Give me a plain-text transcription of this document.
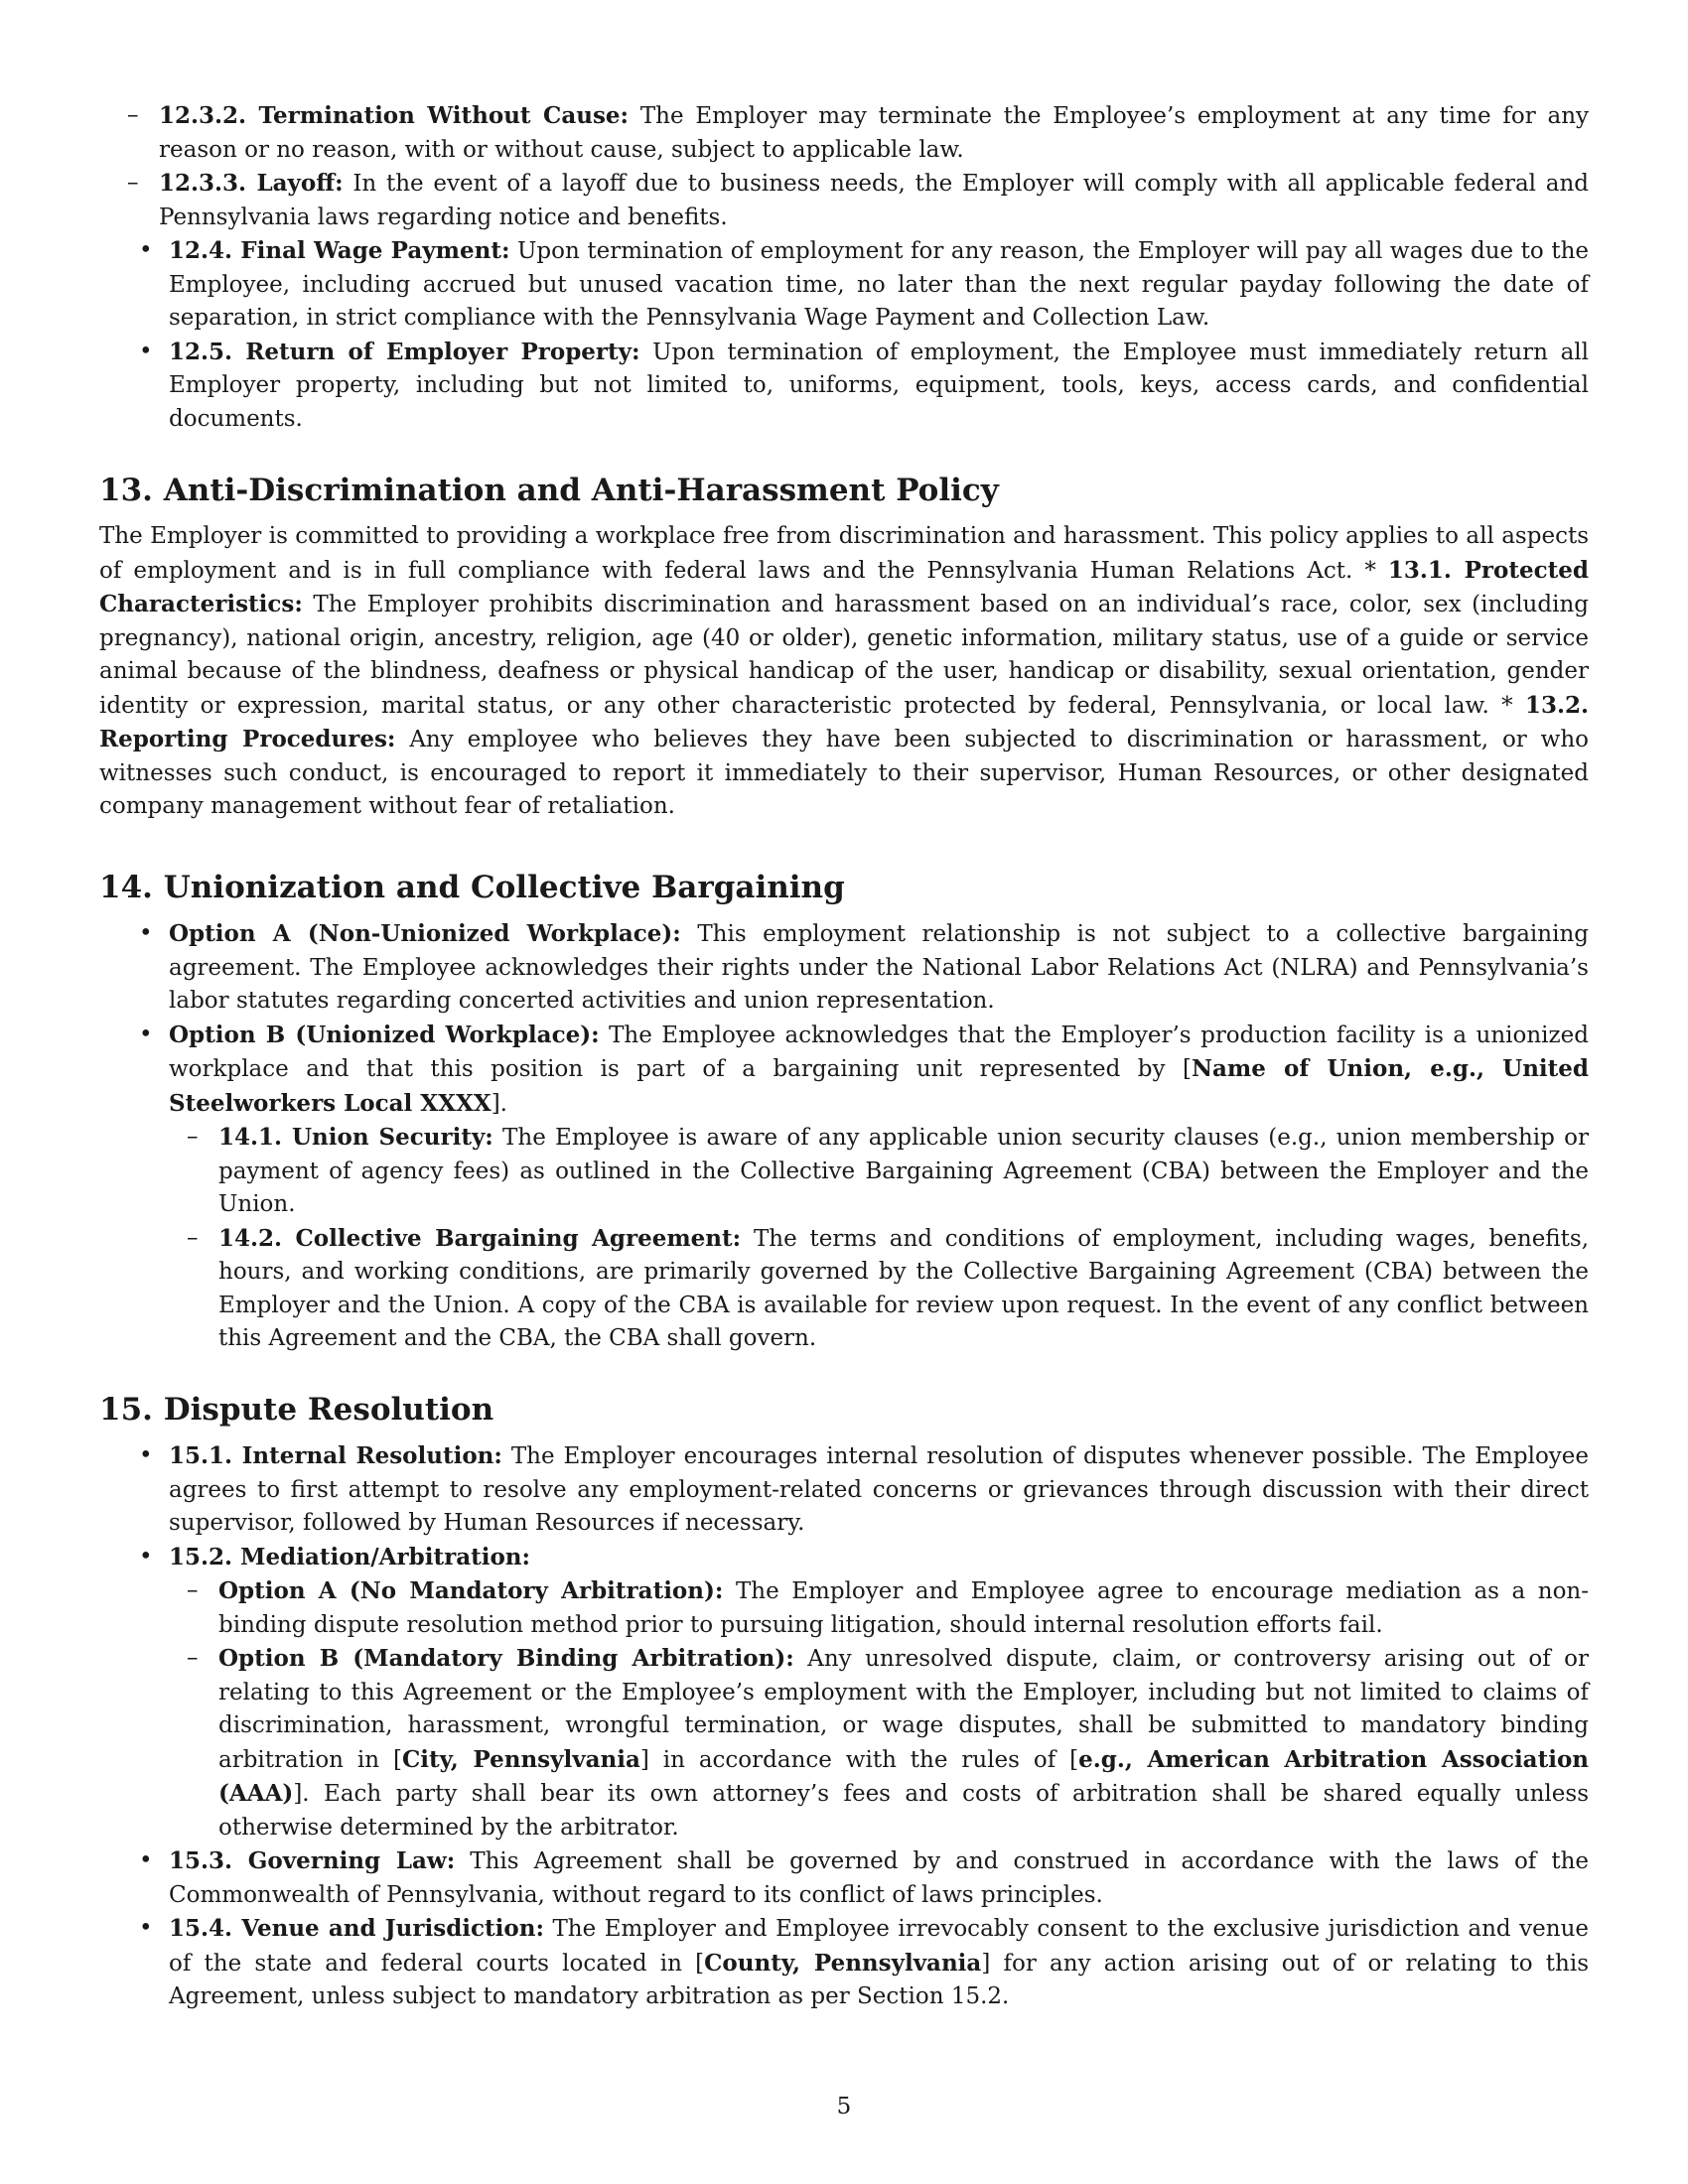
– 12.3.2. Termination Without Cause: The Employer may terminate the Employee’s employment at any time for any reason or no reason, with or without cause, subject to applicable law.
– 12.3.3. Layoff: In the event of a layoff due to business needs, the Employer will comply with all applicable federal and Pennsylvania laws regarding notice and benefits.
• 12.4. Final Wage Payment: Upon termination of employment for any reason, the Employer will pay all wages due to the Employee, including accrued but unused vacation time, no later than the next regular payday following the date of separation, in strict compliance with the Pennsylvania Wage Payment and Collection Law.
• 12.5. Return of Employer Property: Upon termination of employment, the Employee must immediately return all Employer property, including but not limited to, uniforms, equipment, tools, keys, access cards, and confidential documents.
13. Anti-Discrimination and Anti-Harassment Policy
The Employer is committed to providing a workplace free from discrimination and harassment. This policy applies to all aspects of employment and is in full compliance with federal laws and the Pennsylvania Human Relations Act. * 13.1. Protected Characteristics: The Employer prohibits discrimination and harassment based on an individual’s race, color, sex (including pregnancy), national origin, ancestry, religion, age (40 or older), genetic information, military status, use of a guide or service animal because of the blindness, deafness or physical handicap of the user, handicap or disability, sexual orientation, gender identity or expression, marital status, or any other characteristic protected by federal, Pennsylvania, or local law. * 13.2. Reporting Procedures: Any employee who believes they have been subjected to discrimination or harassment, or who witnesses such conduct, is encouraged to report it immediately to their supervisor, Human Resources, or other designated company management without fear of retaliation.
14. Unionization and Collective Bargaining
• Option A (Non-Unionized Workplace): This employment relationship is not subject to a collective bargaining agreement. The Employee acknowledges their rights under the National Labor Relations Act (NLRA) and Pennsylvania’s labor statutes regarding concerted activities and union representation.
• Option B (Unionized Workplace): The Employee acknowledges that the Employer’s production facility is a unionized workplace and that this position is part of a bargaining unit represented by [Name of Union, e.g., United Steelworkers Local XXXX].
– 14.1. Union Security: The Employee is aware of any applicable union security clauses (e.g., union membership or payment of agency fees) as outlined in the Collective Bargaining Agreement (CBA) between the Employer and the Union.
– 14.2. Collective Bargaining Agreement: The terms and conditions of employment, including wages, benefits, hours, and working conditions, are primarily governed by the Collective Bargaining Agreement (CBA) between the Employer and the Union. A copy of the CBA is available for review upon request. In the event of any conflict between this Agreement and the CBA, the CBA shall govern.
15. Dispute Resolution
• 15.1. Internal Resolution: The Employer encourages internal resolution of disputes whenever possible. The Employee agrees to first attempt to resolve any employment-related concerns or grievances through discussion with their direct supervisor, followed by Human Resources if necessary.
• 15.2. Mediation/Arbitration:
– Option A (No Mandatory Arbitration): The Employer and Employee agree to encourage mediation as a non-binding dispute resolution method prior to pursuing litigation, should internal resolution efforts fail.
– Option B (Mandatory Binding Arbitration): Any unresolved dispute, claim, or controversy arising out of or relating to this Agreement or the Employee’s employment with the Employer, including but not limited to claims of discrimination, harassment, wrongful termination, or wage disputes, shall be submitted to mandatory binding arbitration in [City, Pennsylvania] in accordance with the rules of [e.g., American Arbitration Association (AAA)]. Each party shall bear its own attorney’s fees and costs of arbitration shall be shared equally unless otherwise determined by the arbitrator.
• 15.3. Governing Law: This Agreement shall be governed by and construed in accordance with the laws of the Commonwealth of Pennsylvania, without regard to its conflict of laws principles.
• 15.4. Venue and Jurisdiction: The Employer and Employee irrevocably consent to the exclusive jurisdiction and venue of the state and federal courts located in [County, Pennsylvania] for any action arising out of or relating to this Agreement, unless subject to mandatory arbitration as per Section 15.2.
5
